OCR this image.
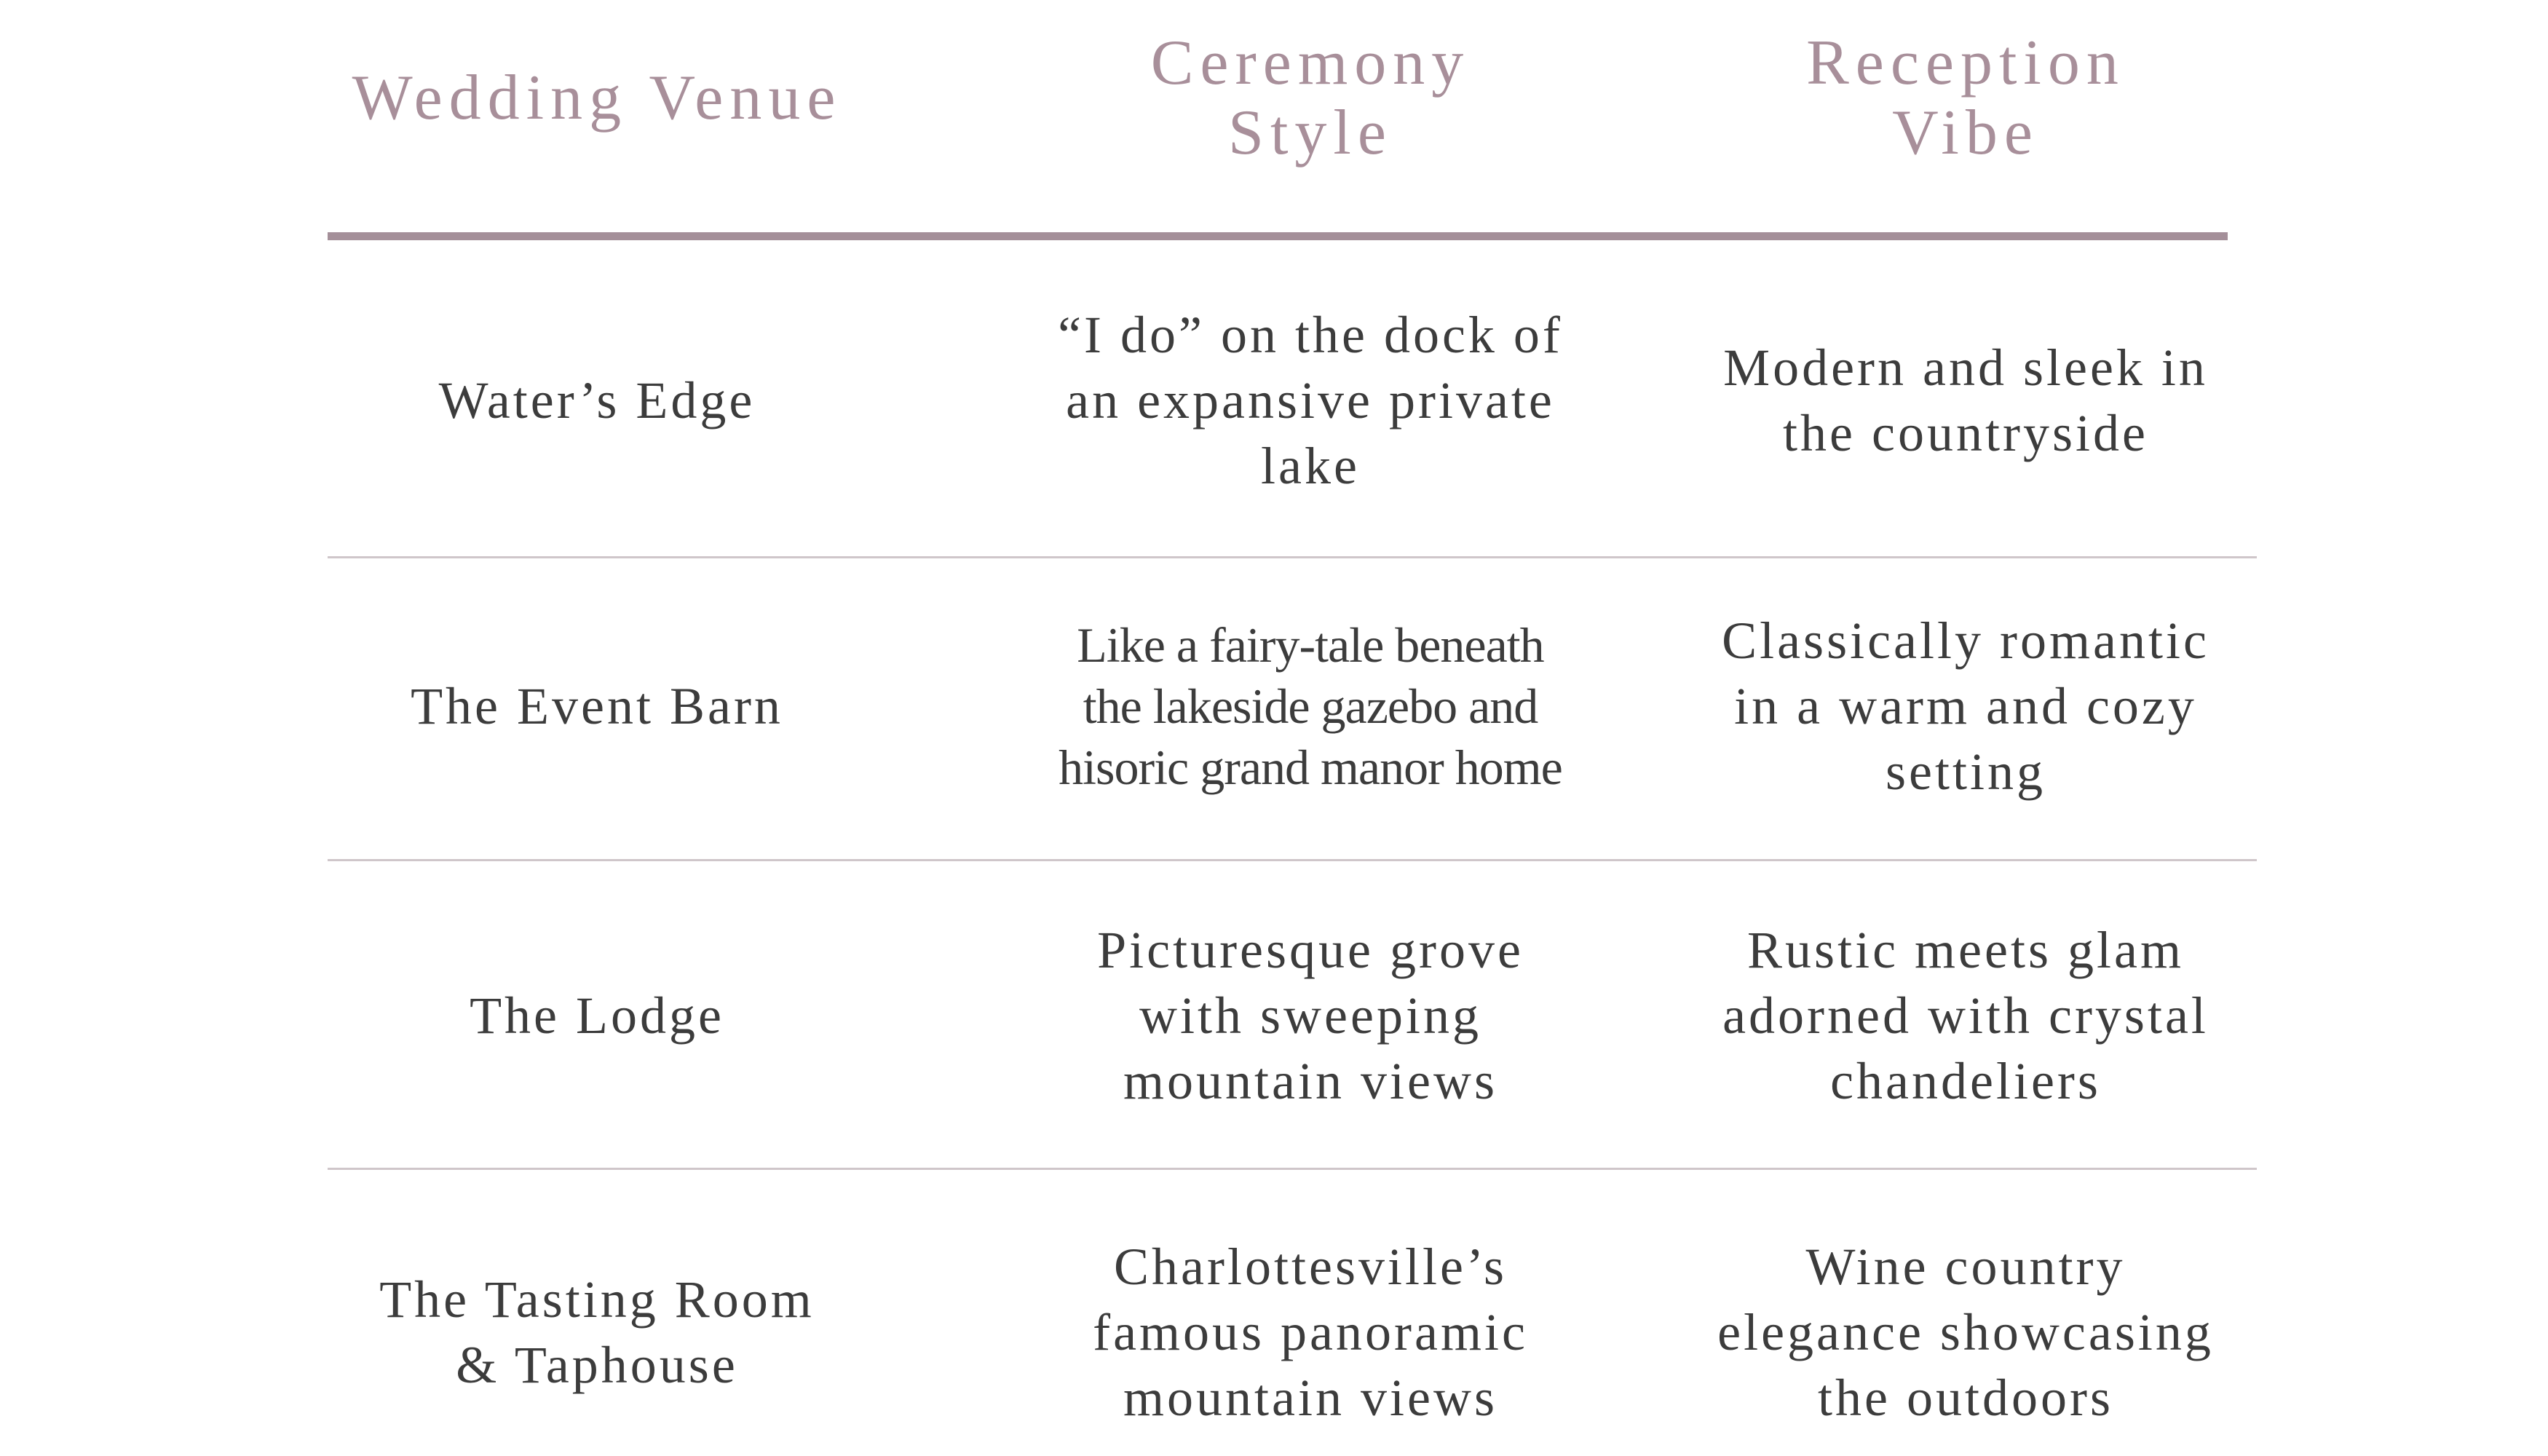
Wedding Venue	Ceremony
Style
Reception
Vibe
Water’s Edge
“I do” on the dock of
an expansive private
lake
Modern and sleek in
the countryside
The Event Barn
Like a fairy-tale beneath
the lakeside gazebo and
hisoric grand manor home
Classically romantic
in a warm and cozy
setting
The Lodge
Picturesque grove
with sweeping
mountain views
Rustic meets glam
adorned with crystal
chandeliers
The Tasting Room
& Taphouse
Charlottesville’s
famous panoramic
mountain views
Wine country
elegance showcasing
the outdoors
